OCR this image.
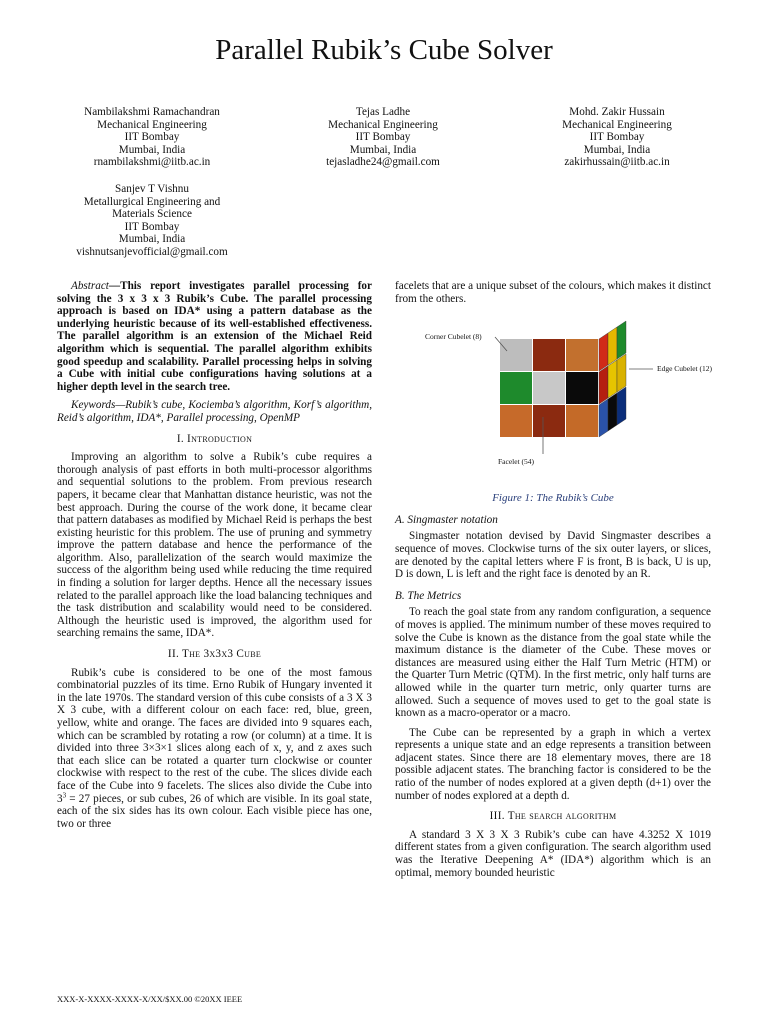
Parallel Rubik’s Cube Solver
Nambilakshmi Ramachandran
Mechanical Engineering
IIT Bombay
Mumbai, India
rnambilakshmi@iitb.ac.in
Tejas Ladhe
Mechanical Engineering
IIT Bombay
Mumbai, India
tejasladhe24@gmail.com
Mohd. Zakir Hussain
Mechanical Engineering
IIT Bombay
Mumbai, India
zakirhussain@iitb.ac.in
Sanjev T Vishnu
Metallurgical Engineering and
Materials Science
IIT Bombay
Mumbai, India
vishnutsanjevofficial@gmail.com

Abstract—This report investigates parallel processing for solving the 3 x 3 x 3 Rubik’s Cube. The parallel processing approach is based on IDA* using a pattern database as the underlying heuristic because of its well-established effectiveness. The parallel algorithm is an extension of the Michael Reid algorithm which is sequential. The parallel algorithm exhibits good speedup and scalability. Parallel processing helps in solving a Cube with initial cube configurations having solutions at a higher depth level in the search tree.

Keywords—Rubik’s cube, Kociemba’s algorithm, Korf’s algorithm, Reid’s algorithm, IDA*, Parallel processing, OpenMP

I. Introduction

Improving an algorithm to solve a Rubik’s cube requires a thorough analysis of past efforts in both multi-processor algorithms and sequential solutions to the problem. From previous research papers, it became clear that Manhattan distance heuristic, was not the best approach. During the course of the work done, it became clear that pattern databases as modified by Michael Reid is perhaps the best existing heuristic for this problem. The use of pruning and symmetry improve the pattern database and hence the performance of the algorithm. Also, parallelization of the search would maximize the success of the algorithm being used while reducing the time required in finding a solution for larger depths. Hence all the necessary issues related to the parallel approach like the load balancing techniques and the task distribution and scalability would need to be considered. Although the heuristic used is improved, the algorithm used for searching remains the same, IDA*.

II. The 3x3x3 Cube

Rubik’s cube is considered to be one of the most famous combinatorial puzzles of its time. Erno Rubik of Hungary invented it in the late 1970s. The standard version of this cube consists of a 3 X 3 X 3 cube, with a different colour on each face: red, blue, green, yellow, white and orange. The faces are divided into 9 squares each, which can be scrambled by rotating a row (or column) at a time. It is divided into three 3×3×1 slices along each of x, y, and z axes such that each slice can be rotated a quarter turn clockwise or counter clockwise with respect to the rest of the cube. The slices divide each face of the Cube into 9 facelets. The slices also divide the Cube into $3^3 = 27$ pieces, or sub cubes, 26 of which are visible. In its goal state, each of the six sides has its own colour. Each visible piece has one, two or three

facelets that are a unique subset of the colours, which makes it distinct from the others.

Corner Cubelet (8)
Edge Cubelet (12)
Facelet (54)
Figure 1: The Rubik’s Cube
A. Singmaster notation

Singmaster notation devised by David Singmaster describes a sequence of moves. Clockwise turns of the six outer layers, or slices, are denoted by the capital letters where F is front, B is back, U is up, D is down, L is left and the right face is denoted by an R.

B. The Metrics

To reach the goal state from any random configuration, a sequence of moves is applied. The minimum number of these moves required to solve the Cube is known as the distance from the goal state while the maximum distance is the diameter of the Cube. These moves or distances are measured using either the Half Turn Metric (HTM) or the Quarter Turn Metric (QTM). In the first metric, only half turns are allowed while in the quarter turn metric, only quarter turns are allowed. Such a sequence of moves used to get to the goal state is known as a macro-operator or a macro.

The Cube can be represented by a graph in which a vertex represents a unique state and an edge represents a transition between adjacent states. Since there are 18 elementary moves, there are 18 possible adjacent states. The branching factor is considered to be the ratio of the number of nodes explored at a given depth (d+1) over the number of nodes explored at a depth d.

III. The search algorithm

A standard 3 X 3 X 3 Rubik’s cube can have 4.3252 X 1019 different states from a given configuration. The search algorithm used was the Iterative Deepening A* (IDA*) algorithm which is an optimal, memory bounded heuristic

XXX-X-XXXX-XXXX-X/XX/$XX.00 ©20XX IEEE
